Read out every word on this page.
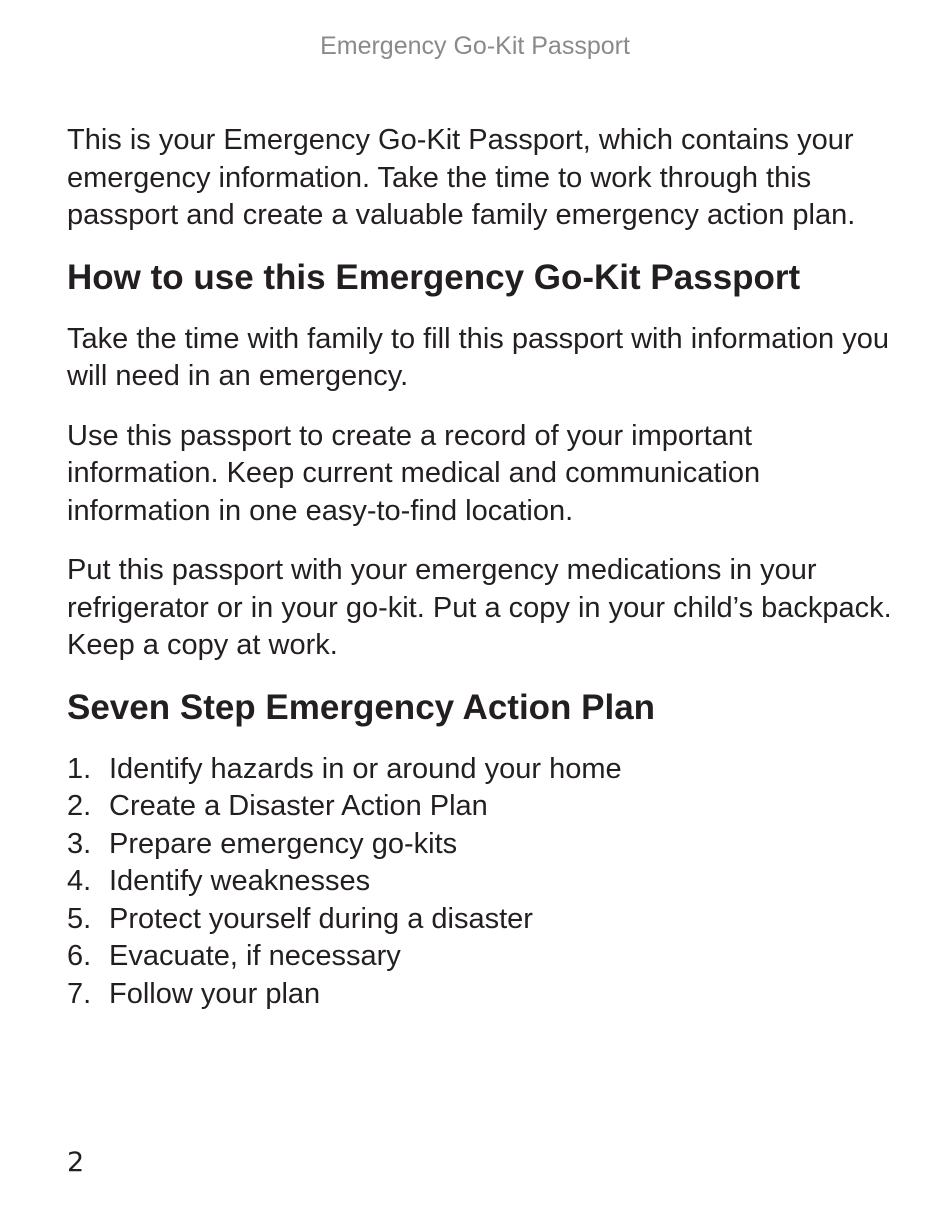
Emergency Go-Kit Passport

This is your Emergency Go-Kit Passport, which contains your emergency information. Take the time to work through this passport and create a valuable family emergency action plan.

How to use this Emergency Go-Kit Passport

Take the time with family to fill this passport with information you will need in an emergency.

Use this passport to create a record of your important information. Keep current medical and communication information in one easy-to-find location.

Put this passport with your emergency medications in your refrigerator or in your go-kit. Put a copy in your child’s backpack. Keep a copy at work.

Seven Step Emergency Action Plan
1. Identify hazards in or around your home
2. Create a Disaster Action Plan
3. Prepare emergency go-kits
4. Identify weaknesses
5. Protect yourself during a disaster
6. Evacuate, if necessary
7. Follow your plan
2
